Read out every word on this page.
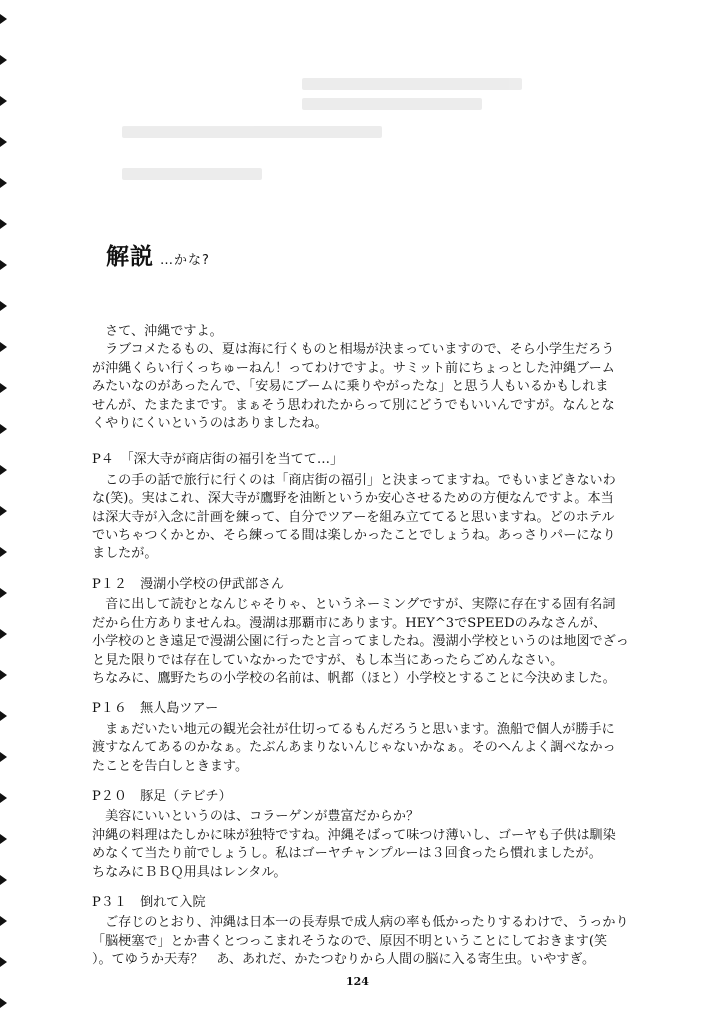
解説 …かな?
　さて、沖縄ですよ。
　ラブコメたるもの、夏は海に行くものと相場が決まっていますので、そら小学生だろう
が沖縄くらい行くっちゅーねん！ってわけですよ。サミット前にちょっとした沖縄ブーム
みたいなのがあったんで、「安易にブームに乗りやがったな」と思う人もいるかもしれま
せんが、たまたまです。まぁそう思われたからって別にどうでもいいんですが。なんとな
くやりにくいというのはありましたね。
P４　「深大寺が商店街の福引を当てて…」
　この手の話で旅行に行くのは「商店街の福引」と決まってますね。でもいまどきないわ
な(笑)。実はこれ、深大寺が鷹野を油断というか安心させるための方便なんですよ。本当
は深大寺が入念に計画を練って、自分でツアーを組み立ててると思いますね。どのホテル
でいちゃつくかとか、そら練ってる間は楽しかったことでしょうね。あっさりパーになり
ましたが。
P１２　漫湖小学校の伊武部さん
　音に出して読むとなんじゃそりゃ、というネーミングですが、実際に存在する固有名詞
だから仕方ありませんね。漫湖は那覇市にあります。HEY^3でSPEEDのみなさんが、
小学校のとき遠足で漫湖公園に行ったと言ってましたね。漫湖小学校というのは地図でざっ
と見た限りでは存在していなかったですが、もし本当にあったらごめんなさい。
ちなみに、鷹野たちの小学校の名前は、帆都（ほと）小学校とすることに今決めました。
P１６　無人島ツアー
　まぁだいたい地元の観光会社が仕切ってるもんだろうと思います。漁船で個人が勝手に
渡すなんてあるのかなぁ。たぶんあまりないんじゃないかなぁ。そのへんよく調べなかっ
たことを告白しときます。
P２０　豚足（テビチ）
　美容にいいというのは、コラーゲンが豊富だからか？
沖縄の料理はたしかに味が独特ですね。沖縄そばって味つけ薄いし、ゴーヤも子供は馴染
めなくて当たり前でしょうし。私はゴーヤチャンプルーは３回食ったら慣れましたが。
ちなみにＢＢＱ用具はレンタル。
P３１　倒れて入院
　ご存じのとおり、沖縄は日本一の長寿県で成人病の率も低かったりするわけで、うっかり
「脳梗塞で」とか書くとつっこまれそうなので、原因不明ということにしておきます(笑
）。てゆうか天寿？　あ、あれだ、かたつむりから人間の脳に入る寄生虫。いやすぎ。
124
